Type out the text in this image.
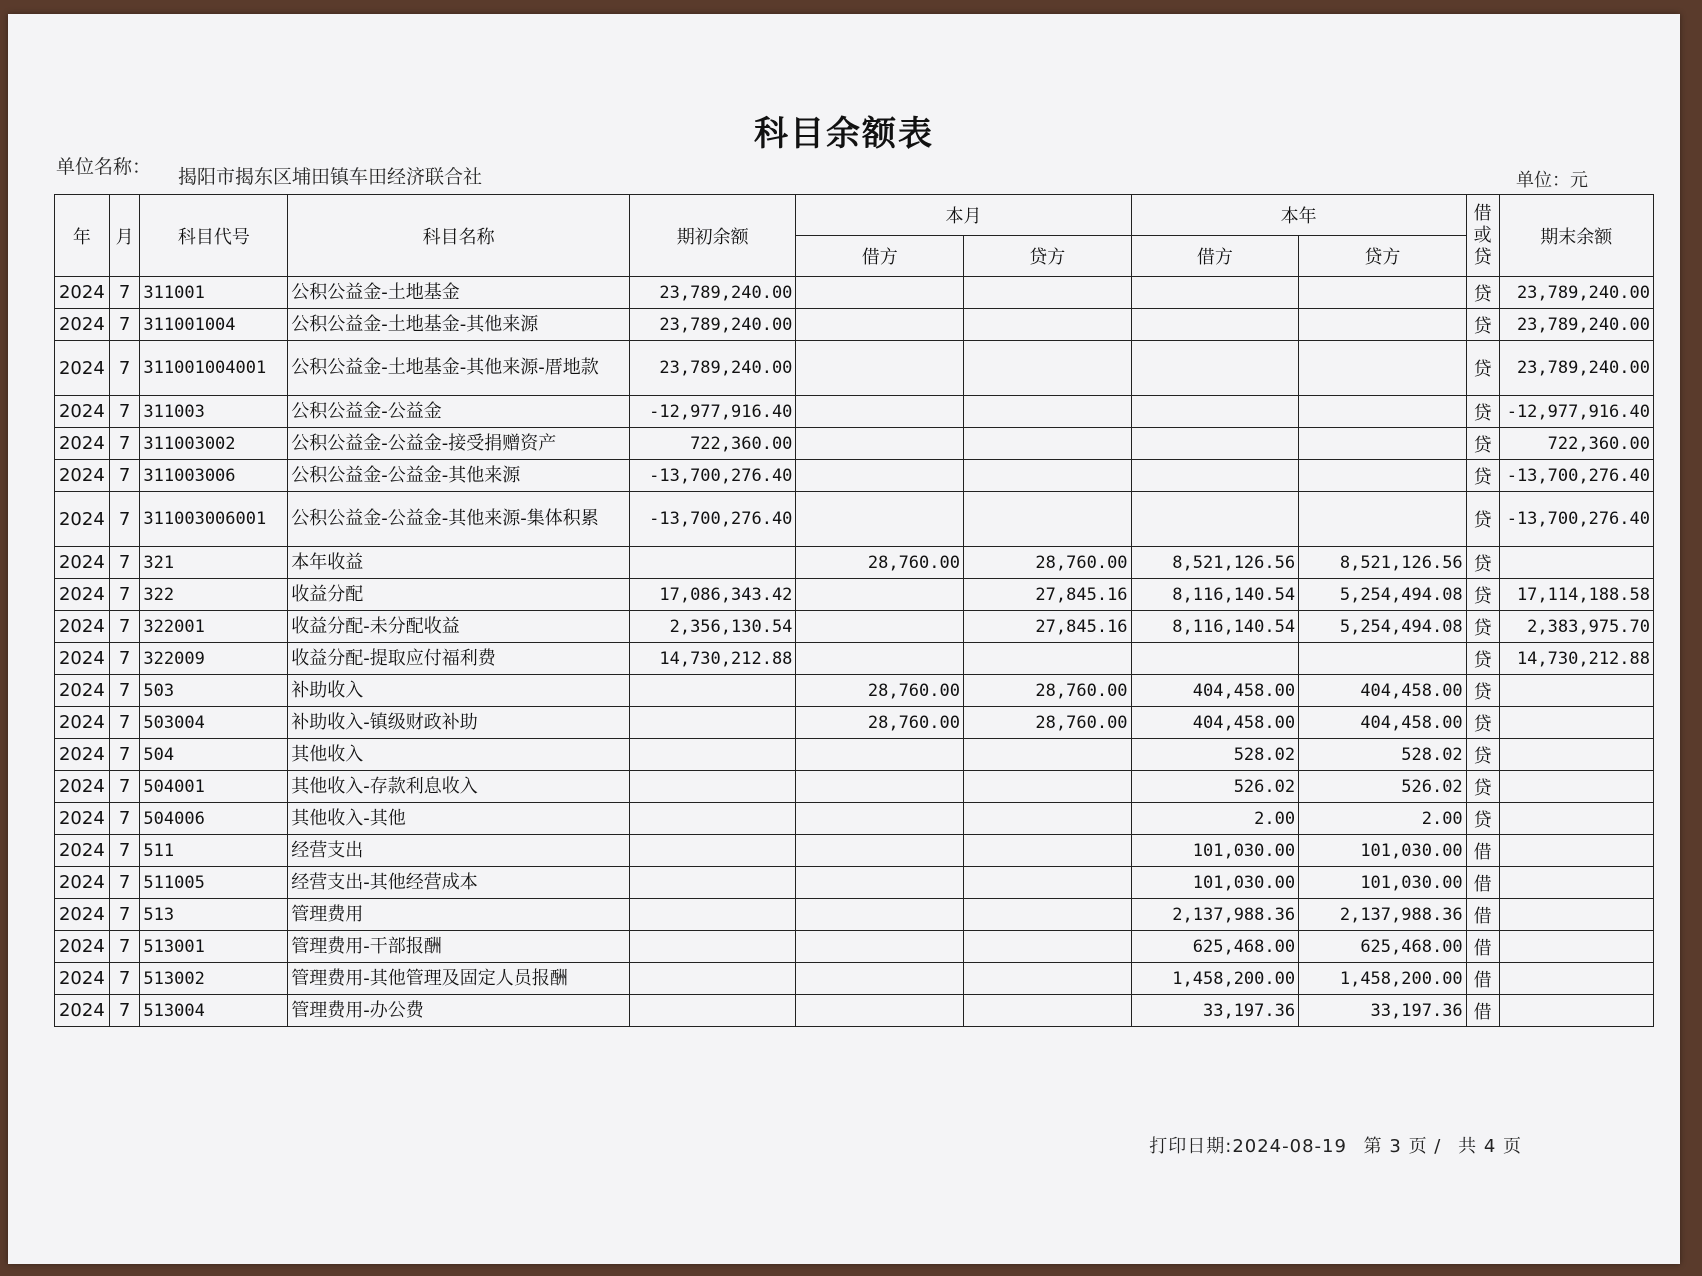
科目余额表
单位名称： 揭阳市揭东区埔田镇车田经济联合社	单位：元
年	月	科目代号	科目名称	期初余额	本月		本年		借或贷	期末余额
					借方	贷方	借方	贷方		
2024	7	311001	公积公益金-土地基金	23,789,240.00					贷	23,789,240.00
2024	7	311001004	公积公益金-土地基金-其他来源	23,789,240.00					贷	23,789,240.00
2024	7	311001004001	公积公益金-土地基金-其他来源-厝地款	23,789,240.00					贷	23,789,240.00
2024	7	311003	公积公益金-公益金	-12,977,916.40					贷	-12,977,916.40
2024	7	311003002	公积公益金-公益金-接受捐赠资产	722,360.00					贷	722,360.00
2024	7	311003006	公积公益金-公益金-其他来源	-13,700,276.40					贷	-13,700,276.40
2024	7	311003006001	公积公益金-公益金-其他来源-集体积累	-13,700,276.40					贷	-13,700,276.40
2024	7	321	本年收益		28,760.00	28,760.00	8,521,126.56	8,521,126.56	贷	
2024	7	322	收益分配	17,086,343.42		27,845.16	8,116,140.54	5,254,494.08	贷	17,114,188.58
2024	7	322001	收益分配-未分配收益	2,356,130.54		27,845.16	8,116,140.54	5,254,494.08	贷	2,383,975.70
2024	7	322009	收益分配-提取应付福利费	14,730,212.88					贷	14,730,212.88
2024	7	503	补助收入		28,760.00	28,760.00	404,458.00	404,458.00	贷	
2024	7	503004	补助收入-镇级财政补助		28,760.00	28,760.00	404,458.00	404,458.00	贷	
2024	7	504	其他收入				528.02	528.02	贷	
2024	7	504001	其他收入-存款利息收入				526.02	526.02	贷	
2024	7	504006	其他收入-其他				2.00	2.00	贷	
2024	7	511	经营支出				101,030.00	101,030.00	借	
2024	7	511005	经营支出-其他经营成本				101,030.00	101,030.00	借	
2024	7	513	管理费用				2,137,988.36	2,137,988.36	借	
2024	7	513001	管理费用-干部报酬				625,468.00	625,468.00	借	
2024	7	513002	管理费用-其他管理及固定人员报酬				1,458,200.00	1,458,200.00	借	
2024	7	513004	管理费用-办公费				33,197.36	33,197.36	借	
打印日期:2024-08-19 第 3 页 / 共 4 页
